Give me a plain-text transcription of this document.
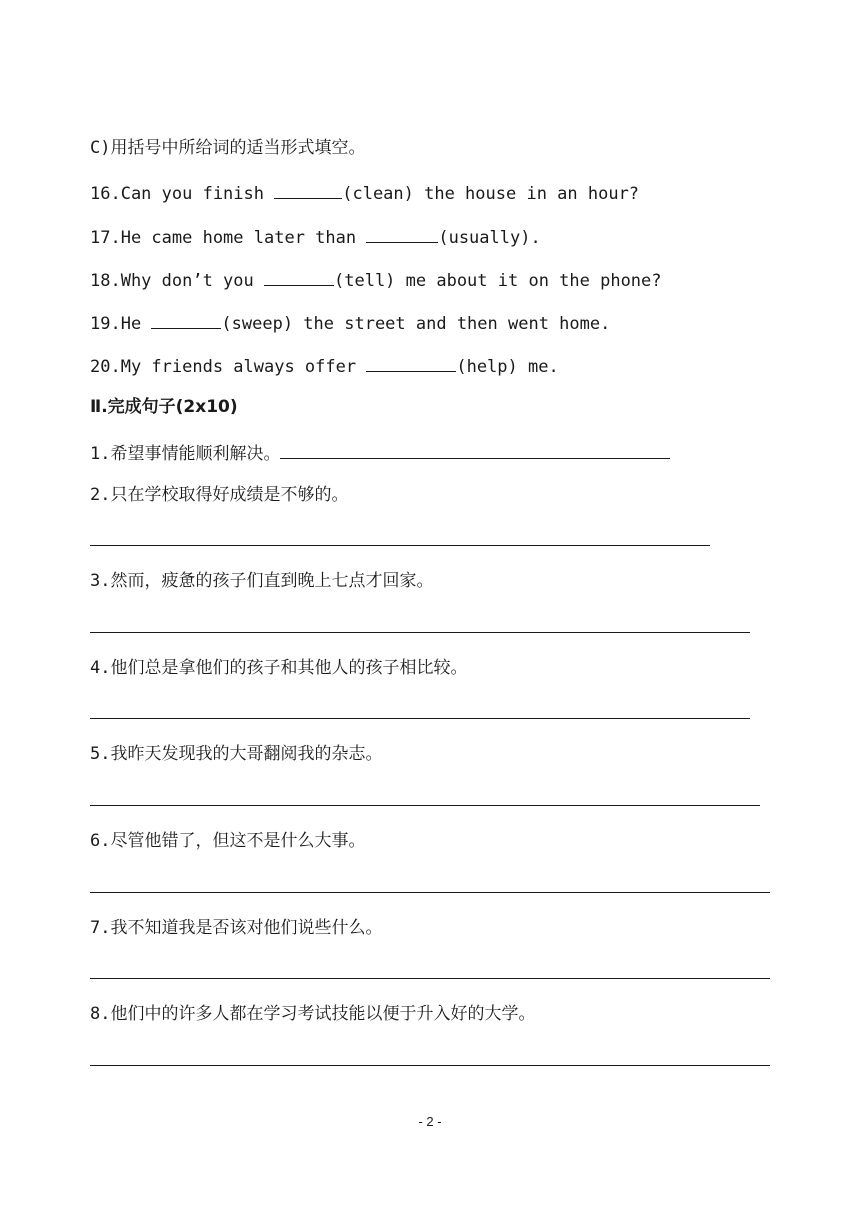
C)用括号中所给词的适当形式填空。
16.Can you finish	(clean) the house in an hour?
17.He came home later than	(usually).
18.Why don’t you	(tell) me about it on the phone?
19.He	(sweep) the street and then went home.
20.My friends always offer	(help) me.
Ⅱ.完成句子(2x10)
1.希望事情能顺利解决。
2.只在学校取得好成绩是不够的。
3.然而，疲惫的孩子们直到晚上七点才回家。
4.他们总是拿他们的孩子和其他人的孩子相比较。
5.我昨天发现我的大哥翻阅我的杂志。
6.尽管他错了，但这不是什么大事。
7.我不知道我是否该对他们说些什么。
8.他们中的许多人都在学习考试技能以便于升入好的大学。
- 2 -
